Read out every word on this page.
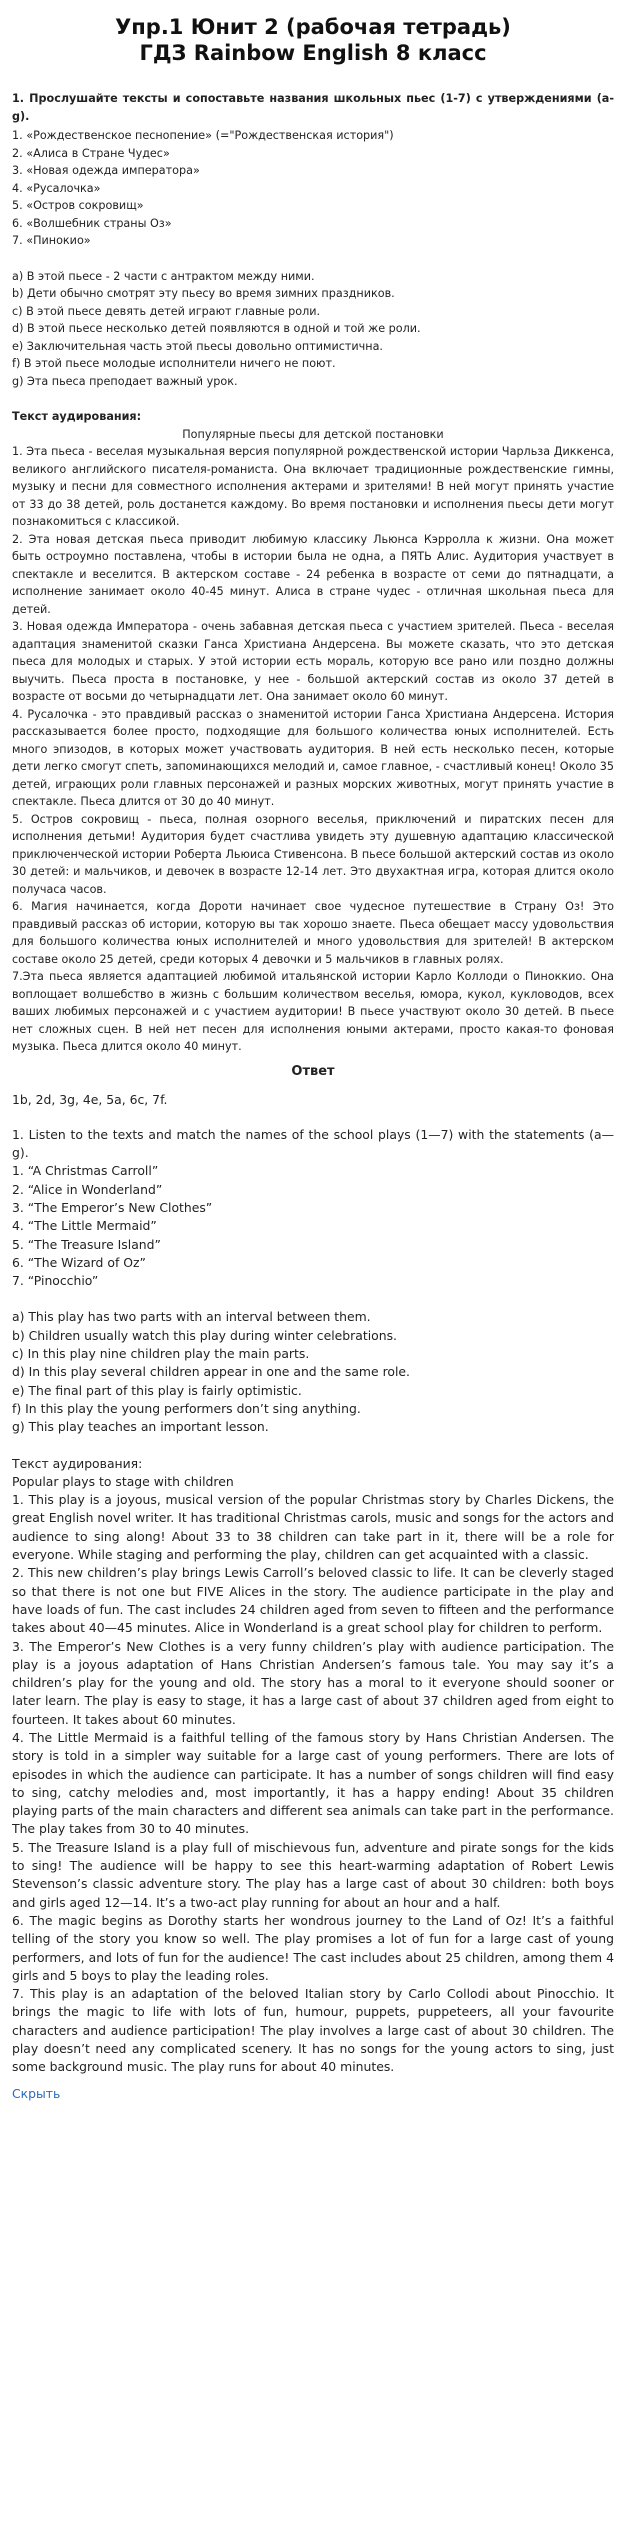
Упр.1 Юнит 2 (рабочая тетрадь)
ГДЗ Rainbow English 8 класс

1. Прослушайте тексты и сопоставьте названия школьных пьес (1-7) с утверждениями (a-g).

1. «Рождественское песнопение» (="Рождественская история")
2. «Алиса в Стране Чудес»
3. «Новая одежда императора»
4. «Русалочка»
5. «Остров сокровищ»
6. «Волшебник страны Оз»
7. «Пинокио»
a) В этой пьесе - 2 части с антрактом между ними.
b) Дети обычно смотрят эту пьесу во время зимних праздников.
c) В этой пьесе девять детей играют главные роли.
d) В этой пьесе несколько детей появляются в одной и той же роли.
e) Заключительная часть этой пьесы довольно оптимистична.
f) В этой пьесе молодые исполнители ничего не поют.
g) Эта пьеса преподает важный урок.
Текст аудирования:
Популярные пьесы для детской постановки

1. Эта пьеса - веселая музыкальная версия популярной рождественской истории Чарльза Диккенса, великого английского писателя-романиста. Она включает традиционные рождественские гимны, музыку и песни для совместного исполнения актерами и зрителями! В ней могут принять участие от 33 до 38 детей, роль достанется каждому. Во время постановки и исполнения пьесы дети могут познакомиться с классикой.

2. Эта новая детская пьеса приводит любимую классику Льюнса Кэрролла к жизни. Она может быть остроумно поставлена, чтобы в истории была не одна, а ПЯТЬ Алис. Аудитория участвует в спектакле и веселится. В актерском составе - 24 ребенка в возрасте от семи до пятнадцати, а исполнение занимает около 40-45 минут. Алиса в стране чудес - отличная школьная пьеса для детей.

3. Новая одежда Императора - очень забавная детская пьеса с участием зрителей. Пьеса - веселая адаптация знаменитой сказки Ганса Христиана Андерсена. Вы можете сказать, что это детская пьеса для молодых и старых. У этой истории есть мораль, которую все рано или поздно должны выучить. Пьеса проста в постановке, у нее - большой актерский состав из около 37 детей в возрасте от восьми до четырнадцати лет. Она занимает около 60 минут.

4. Русалочка - это правдивый рассказ о знаменитой истории Ганса Христиана Андерсена. История рассказывается более просто, подходящие для большого количества юных исполнителей. Есть много эпизодов, в которых может участвовать аудитория. В ней есть несколько песен, которые дети легко смогут спеть, запоминающихся мелодий и, самое главное, - счастливый конец! Около 35 детей, играющих роли главных персонажей и разных морских животных, могут принять участие в спектакле. Пьеса длится от 30 до 40 минут.

5. Остров сокровищ - пьеса, полная озорного веселья, приключений и пиратских песен для исполнения детьми! Аудитория будет счастлива увидеть эту душевную адаптацию классической приключенческой истории Роберта Льюиса Стивенсона. В пьесе большой актерский состав из около 30 детей: и мальчиков, и девочек в возрасте 12-14 лет. Это двухактная игра, которая длится около получаса часов.

6. Магия начинается, когда Дороти начинает свое чудесное путешествие в Страну Оз! Это правдивый рассказ об истории, которую вы так хорошо знаете. Пьеса обещает массу удовольствия для большого количества юных исполнителей и много удовольствия для зрителей! В актерском составе около 25 детей, среди которых 4 девочки и 5 мальчиков в главных ролях.

7.Эта пьеса является адаптацией любимой итальянской истории Карло Коллоди о Пиноккио. Она воплощает волшебство в жизнь с большим количеством веселья, юмора, кукол, кукловодов, всех ваших любимых персонажей и с участием аудитории! В пьесе участвуют около 30 детей. В пьесе нет сложных сцен. В ней нет песен для исполнения юными актерами, просто какая-то фоновая музыка. Пьеса длится около 40 минут.

Ответ
1b, 2d, 3g, 4e, 5a, 6c, 7f.

1. Listen to the texts and match the names of the school plays (1—7) with the statements (a—g).

1. “A Christmas Carroll”
2. “Alice in Wonderland”
3. “The Emperor’s New Clothes”
4. “The Little Mermaid”
5. “The Treasure Island”
6. “The Wizard of Oz”
7. “Pinocchio”
a) This play has two parts with an interval between them.
b) Children usually watch this play during winter celebrations.
c) In this play nine children play the main parts.
d) In this play several children appear in one and the same role.
e) The final part of this play is fairly optimistic.
f) In this play the young performers don’t sing anything.
g) This play teaches an important lesson.
Текст аудирования:
Popular plays to stage with children

1. This play is a joyous, musical version of the popular Christmas story by Charles Dickens, the great English novel writer. It has traditional Christmas carols, music and songs for the actors and audience to sing along! About 33 to 38 children can take part in it, there will be a role for everyone. While staging and performing the play, children can get acquainted with a classic.

2. This new children’s play brings Lewis Carroll’s beloved classic to life. It can be cleverly staged so that there is not one but FIVE Alices in the story. The audience participate in the play and have loads of fun. The cast includes 24 children aged from seven to fifteen and the performance takes about 40—45 minutes. Alice in Wonderland is a great school play for children to perform.

3. The Emperor’s New Clothes is a very funny children’s play with audience participation. The play is a joyous adaptation of Hans Christian Andersen’s famous tale. You may say it’s a children’s play for the young and old. The story has a moral to it everyone should sooner or later learn. The play is easy to stage, it has a large cast of about 37 children aged from eight to fourteen. It takes about 60 minutes.

4. The Little Mermaid is a faithful telling of the famous story by Hans Christian Andersen. The story is told in a simpler way suitable for a large cast of young performers. There are lots of episodes in which the audience can participate. It has a number of songs children will find easy to sing, catchy melodies and, most importantly, it has a happy ending! About 35 children playing parts of the main characters and different sea animals can take part in the performance. The play takes from 30 to 40 minutes.

5. The Treasure Island is a play full of mischievous fun, adventure and pirate songs for the kids to sing! The audience will be happy to see this heart-warming adaptation of Robert Lewis Stevenson’s classic adventure story. The play has a large cast of about 30 children: both boys and girls aged 12—14. It’s a two-act play running for about an hour and a half.

6. The magic begins as Dorothy starts her wondrous journey to the Land of Oz! It’s a faithful telling of the story you know so well. The play promises a lot of fun for a large cast of young performers, and lots of fun for the audience! The cast includes about 25 children, among them 4 girls and 5 boys to play the leading roles.

7. This play is an adaptation of the beloved Italian story by Carlo Collodi about Pinocchio. It brings the magic to life with lots of fun, humour, puppets, puppeteers, all your favourite characters and audience participation! The play involves a large cast of about 30 children. The play doesn’t need any complicated scenery. It has no songs for the young actors to sing, just some background music. The play runs for about 40 minutes.

Скрыть
